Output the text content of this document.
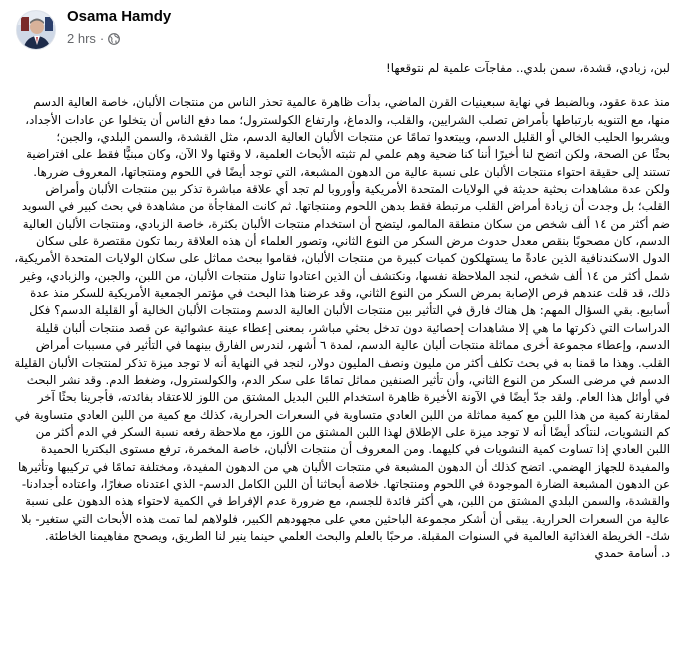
Osama Hamdy
2 hrs ·

لبن، زبادي، قشدة، سمن بلدي.. مفاجآت علمية لم نتوقعها!

منذ عدة عقود، وبالضبط في نهاية سبعينيات القرن الماضي، بدأت ظاهرة عالمية تحذر الناس من منتجات الألبان، خاصة العالية الدسم منها، مع التنويه بارتباطها بأمراض تصلب الشرايين، والقلب، والدماغ، وارتفاع الكولسترول؛ مما دفع الناس أن يتخلوا عن عادات الأجداد، ويشربوا الحليب الخالي أو القليل الدسم، ويبتعدوا تمامًا عن منتجات الألبان العالية الدسم، مثل القشدة، والسمن البلدي، والجبن؛

بحثًا عن الصحة، ولكن اتضح لنا أخيرًا أننا كنا ضحية وهم علمي لم تثبته الأبحاث العلمية، لا وقتها ولا الآن، وكان مبنيًّا فقط على افتراضية تستند إلى حقيقة احتواء منتجات الألبان على نسبة عالية من الدهون المشبعة، التي توجد أيضًا في اللحوم ومنتجاتها، المعروف ضررها. ولكن عدة مشاهدات بحثية حديثة في الولايات المتحدة الأمريكية وأوروبا لم تجد أي علاقة مباشرة تذكر بين منتجات الألبان وأمراض القلب؛ بل وجدت أن زيادة أمراض القلب مرتبطة فقط بدهن اللحوم ومنتجاتها. ثم كانت المفاجأة من مشاهدة في بحث كبير في السويد ضم أكثر من ١٤ ألف شخص من سكان منطقة المالمو، ليتضح أن استخدام منتجات الألبان بكثرة، خاصة الزبادي، ومنتجات الألبان العالية الدسم، كان مصحوبًا بنقص معدل حدوث مرض السكر من النوع الثاني، وتصور العلماء أن هذه العلاقة ربما تكون مقتصرة على سكان الدول الاسكندنافية الذين عادةً ما يستهلكون كميات كبيرة من منتجات الألبان، فقاموا ببحث مماثل على سكان الولايات المتحدة الأمريكية، شمل أكثر من ١٤ ألف شخص، لنجد الملاحظة نفسها، ونكتشف أن الذين اعتادوا تناول منتجات الألبان، من اللبن، والجبن، والزبادي، وغير ذلك، قد قلت عندهم فرص الإصابة بمرض السكر من النوع الثاني، وقد عرضنا هذا البحث في مؤتمر الجمعية الأمريكية للسكر منذ عدة أسابيع. بقي السؤال المهم: هل هناك فارق في التأثير بين منتجات الألبان العالية الدسم ومنتجات الألبان الخالية أو القليلة الدسم؟ فكل الدراسات التي ذكرتها ما هي إلا مشاهدات إحصائية دون تدخل بحثي مباشر، بمعنى إعطاء عينة عشوائية عن قصد منتجات ألبان قليلة الدسم، وإعطاء مجموعة أخرى مماثلة منتجات ألبان عالية الدسم، لمدة ٦ أشهر، لندرس الفارق بينهما في التأثير في مسببات أمراض القلب. وهذا ما قمنا به في بحث تكلف أكثر من مليون ونصف المليون دولار، لنجد في النهاية أنه لا توجد ميزة تذكر لمنتجات الألبان القليلة الدسم في مرضى السكر من النوع الثاني، وأن تأثير الصنفين مماثل تمامًا على سكر الدم، والكولسترول، وضغط الدم. وقد نشر البحث في أوائل هذا العام. ولقد جدّ أيضًا في الآونة الأخيرة ظاهرة استخدام اللبن البديل المشتق من اللوز للاعتقاد بفائدته، فأجرينا بحثًا آخر لمقارنة كمية من هذا اللبن مع كمية مماثلة من اللبن العادي متساوية في السعرات الحرارية، كذلك مع كمية من اللبن العادي متساوية في كم النشويات، لنتأكد أيضًا أنه لا توجد ميزة على الإطلاق لهذا اللبن المشتق من اللوز، مع ملاحظة رفعه نسبة السكر في الدم أكثر من اللبن العادي إذا تساوت كمية النشويات في كليهما. ومن المعروف أن منتجات الألبان، خاصة المخمرة، ترفع مستوى البكتريا الحميدة والمفيدة للجهاز الهضمي. اتضح كذلك أن الدهون المشبعة في منتجات الألبان هي من الدهون المفيدة، ومختلفة تمامًا في تركيبها وتأثيرها عن الدهون المشبعة الضارة الموجودة في اللحوم ومنتجاتها. خلاصة أبحاثنا أن اللبن الكامل الدسم- الذي اعتدناه صغارًا، واعتاده أجدادنا- والقشدة، والسمن البلدي المشتق من اللبن، هي أكثر فائدة للجسم، مع ضرورة عدم الإفراط في الكمية لاحتواء هذه الدهون على نسبة عالية من السعرات الحرارية. يبقى أن أشكر مجموعة الباحثين معي على مجهودهم الكبير، فلولاهم لما تمت هذه الأبحاث التي ستغير- بلا شك- الخريطة الغذائية العالمية في السنوات المقبلة. مرحبًا بالعلم والبحث العلمي حينما ينير لنا الطريق، ويصحح مفاهيمنا الخاطئة.

د. أسامة حمدي
